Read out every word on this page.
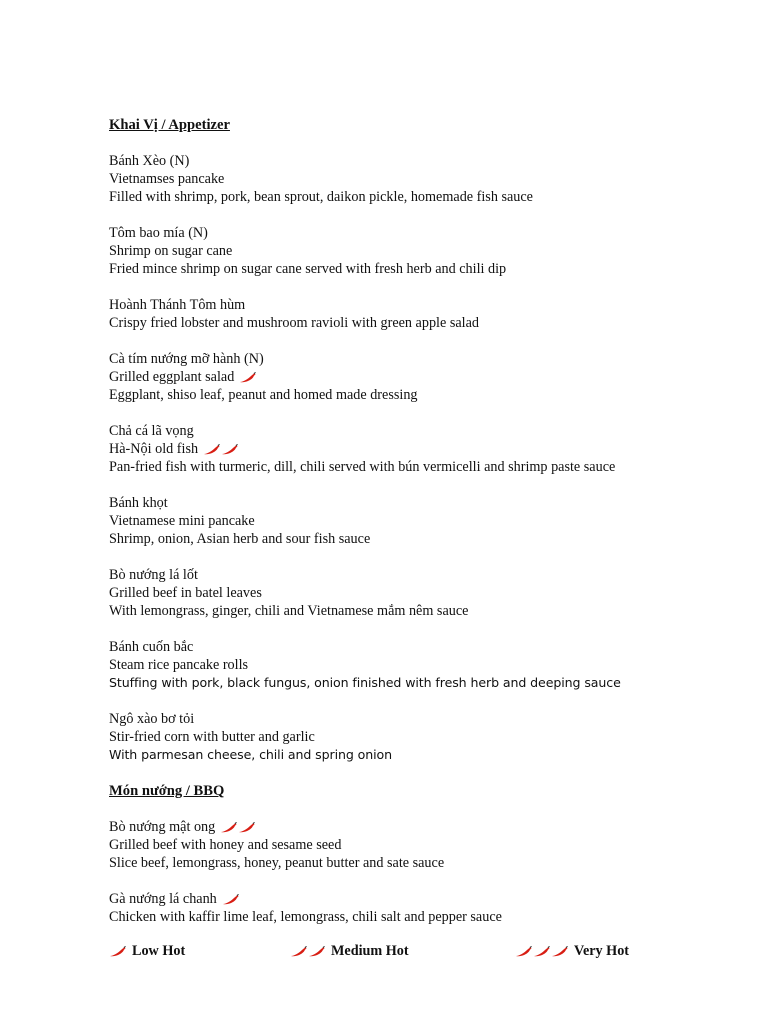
Khai Vị / Appetizer
Bánh Xèo (N)
Vietnamses pancake
Filled with shrimp, pork, bean sprout, daikon pickle, homemade fish sauce
Tôm bao mía (N)
Shrimp on sugar cane
Fried mince shrimp on sugar cane served with fresh herb and chili dip
Hoành Thánh Tôm hùm
Crispy fried lobster and mushroom ravioli with green apple salad
Cà tím nướng mỡ hành (N)
Grilled eggplant salad
Eggplant, shiso leaf, peanut and homed made dressing
Chả cá lã vọng
Hà-Nội old fish
Pan-fried fish with turmeric, dill, chili served with bún vermicelli and shrimp paste sauce
Bánh khọt
Vietnamese mini pancake
Shrimp, onion, Asian herb and sour fish sauce
Bò nướng lá lốt
Grilled beef in batel leaves
With lemongrass, ginger, chili and Vietnamese mắm nêm sauce
Bánh cuốn bắc
Steam rice pancake rolls
Stuffing with pork, black fungus, onion finished with fresh herb and deeping sauce
Ngô xào bơ tỏi
Stir-fried corn with butter and garlic
With parmesan cheese, chili and spring onion
Món nướng / BBQ
Bò nướng mật ong
Grilled beef with honey and sesame seed
Slice beef, lemongrass, honey, peanut butter and sate sauce
Gà nướng lá chanh
Chicken with kaffir lime leaf, lemongrass, chili salt and pepper sauce
Low Hot	Medium Hot	Very Hot
